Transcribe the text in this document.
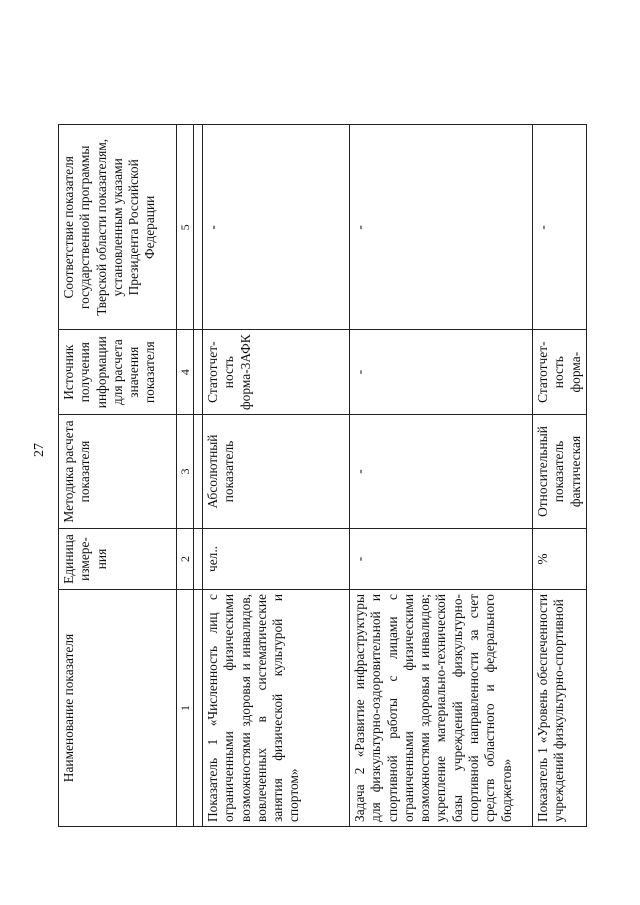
27
Наименование показателя	Единица измере-ния	Методика расчета показателя	Источник получения информации для расчета значения показателя	Соответствие показателя государственной программы Тверской области показателям, установленным указами Президента Российской Федерации
1	2	3	4	5

Показатель 1 «Численность лиц с ограниченными физическими возможностями здоровья и инвалидов, вовлеченных в систематические занятия физической культурой и спортом»	чел..	Абсолютный показатель	Статотчет-ность форма-3АФК	-
Задача 2 «Развитие инфраструктуры для физкультурно-оздоровительной и спортивной работы с лицами с ограниченными физическими возможностями здоровья и инвалидов; укрепление материально-технической базы учреждений физкультурно-спортивной направленности за счет средств областного и федерального бюджетов»	-	-	-	-
Показатель 1 «Уровень обеспеченности учреждений физкультурно-спортивной	%	Относительный показатель фактическая	Статотчет-ность форма-	-
